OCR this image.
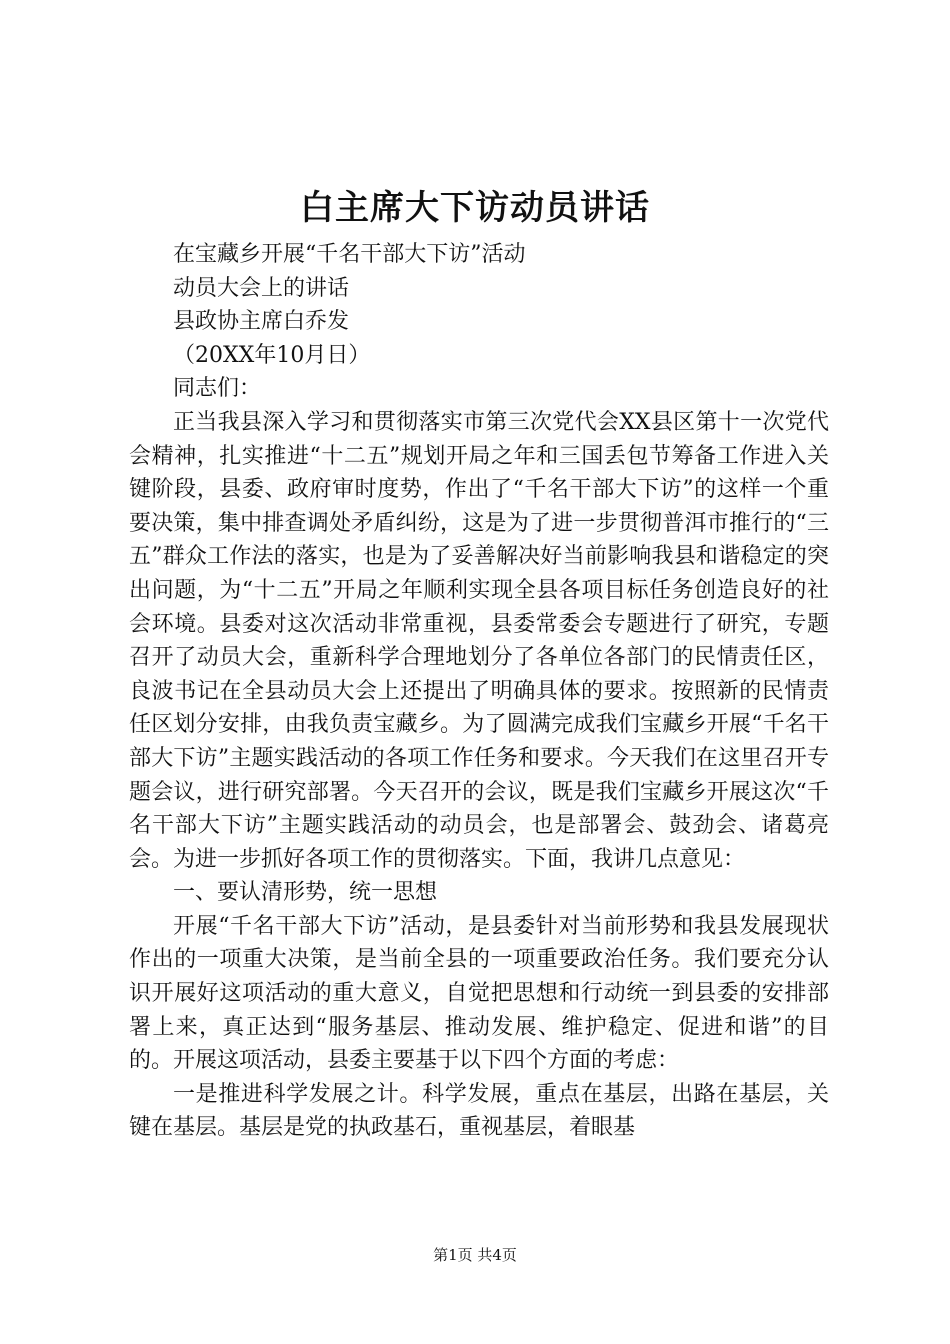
白主席大下访动员讲话

在宝藏乡开展“千名干部大下访”活动

动员大会上的讲话

县政协主席白乔发

（20XX年10月日）

同志们：

正当我县深入学习和贯彻落实市第三次党代会XX县区第十一次党代会精神，扎实推进“十二五”规划开局之年和三国丢包节筹备工作进入关键阶段，县委、政府审时度势，作出了“千名干部大下访”的这样一个重要决策，集中排查调处矛盾纠纷，这是为了进一步贯彻普洱市推行的“三五”群众工作法的落实，也是为了妥善解决好当前影响我县和谐稳定的突出问题，为“十二五”开局之年顺利实现全县各项目标任务创造良好的社会环境。县委对这次活动非常重视，县委常委会专题进行了研究，专题召开了动员大会，重新科学合理地划分了各单位各部门的民情责任区，良波书记在全县动员大会上还提出了明确具体的要求。按照新的民情责任区划分安排，由我负责宝藏乡。为了圆满完成我们宝藏乡开展“千名干部大下访”主题实践活动的各项工作任务和要求。今天我们在这里召开专题会议，进行研究部署。今天召开的会议，既是我们宝藏乡开展这次“千名干部大下访”主题实践活动的动员会，也是部署会、鼓劲会、诸葛亮会。为进一步抓好各项工作的贯彻落实。下面，我讲几点意见：

一、要认清形势，统一思想

开展“千名干部大下访”活动，是县委针对当前形势和我县发展现状作出的一项重大决策，是当前全县的一项重要政治任务。我们要充分认识开展好这项活动的重大意义，自觉把思想和行动统一到县委的安排部署上来，真正达到“服务基层、推动发展、维护稳定、促进和谐”的目的。开展这项活动，县委主要基于以下四个方面的考虑：

一是推进科学发展之计。科学发展，重点在基层，出路在基层，关键在基层。基层是党的执政基石，重视基层，着眼基

第1页 共4页
